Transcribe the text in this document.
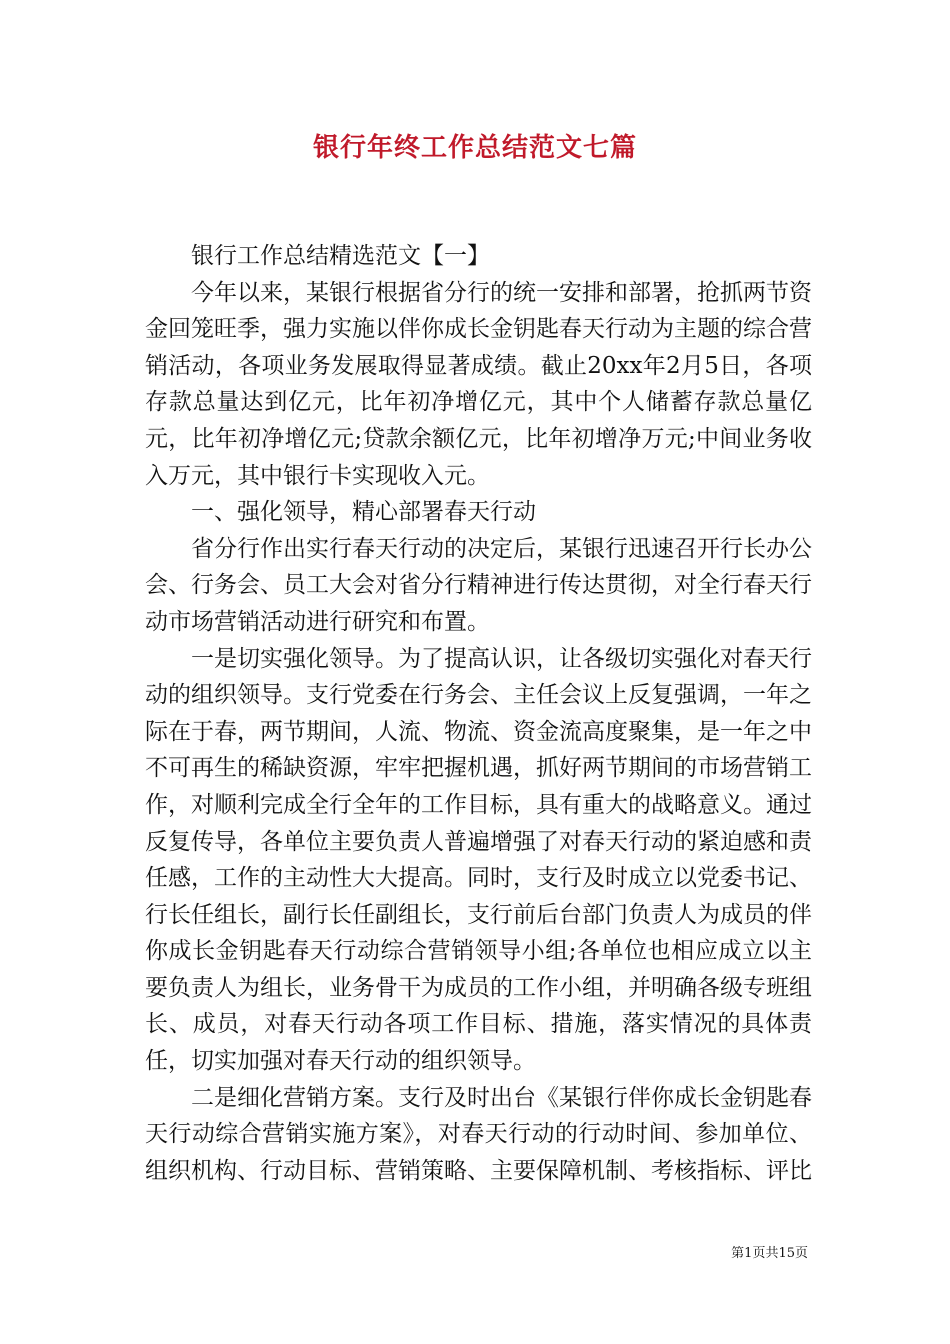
银行年终工作总结范文七篇

银行工作总结精选范文【一】

今年以来，某银行根据省分行的统一安排和部署，抢抓两节资金回笼旺季，强力实施以伴你成长金钥匙春天行动为主题的综合营销活动，各项业务发展取得显著成绩。截止20xx年2月5日，各项存款总量达到亿元，比年初净增亿元，其中个人储蓄存款总量亿元，比年初净增亿元;贷款余额亿元，比年初增净万元;中间业务收入万元，其中银行卡实现收入元。

一、强化领导，精心部署春天行动

省分行作出实行春天行动的决定后，某银行迅速召开行长办公会、行务会、员工大会对省分行精神进行传达贯彻，对全行春天行动市场营销活动进行研究和布置。

一是切实强化领导。为了提高认识，让各级切实强化对春天行动的组织领导。支行党委在行务会、主任会议上反复强调，一年之际在于春，两节期间，人流、物流、资金流高度聚集，是一年之中不可再生的稀缺资源，牢牢把握机遇，抓好两节期间的市场营销工作，对顺利完成全行全年的工作目标，具有重大的战略意义。通过反复传导，各单位主要负责人普遍增强了对春天行动的紧迫感和责任感，工作的主动性大大提高。同时，支行及时成立以党委书记、行长任组长，副行长任副组长，支行前后台部门负责人为成员的伴你成长金钥匙春天行动综合营销领导小组;各单位也相应成立以主要负责人为组长，业务骨干为成员的工作小组，并明确各级专班组长、成员，对春天行动各项工作目标、措施，落实情况的具体责任，切实加强对春天行动的组织领导。

二是细化营销方案。支行及时出台《某银行伴你成长金钥匙春天行动综合营销实施方案》，对春天行动的行动时间、参加单位、组织机构、行动目标、营销策略、主要保障机制、考核指标、评比

第1页共15页
